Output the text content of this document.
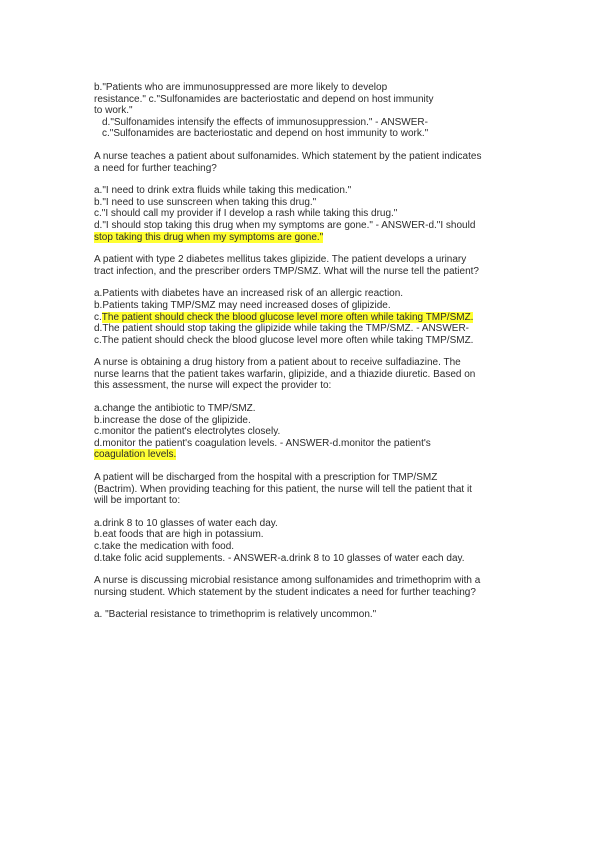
b."Patients who are immunosuppressed are more likely to develop
resistance." c."Sulfonamides are bacteriostatic and depend on host immunity
to work."
d."Sulfonamides intensify the effects of immunosuppression." - ANSWER-
c."Sulfonamides are bacteriostatic and depend on host immunity to work."
A nurse teaches a patient about sulfonamides. Which statement by the patient indicates
a need for further teaching?
a."I need to drink extra fluids while taking this medication."
b."I need to use sunscreen when taking this drug."
c."I should call my provider if I develop a rash while taking this drug."
d."I should stop taking this drug when my symptoms are gone." - ANSWER-d."I should
stop taking this drug when my symptoms are gone."
A patient with type 2 diabetes mellitus takes glipizide. The patient develops a urinary
tract infection, and the prescriber orders TMP/SMZ. What will the nurse tell the patient?
a.Patients with diabetes have an increased risk of an allergic reaction.
b.Patients taking TMP/SMZ may need increased doses of glipizide.
c.The patient should check the blood glucose level more often while taking TMP/SMZ.
d.The patient should stop taking the glipizide while taking the TMP/SMZ. - ANSWER-
c.The patient should check the blood glucose level more often while taking TMP/SMZ.
A nurse is obtaining a drug history from a patient about to receive sulfadiazine. The
nurse learns that the patient takes warfarin, glipizide, and a thiazide diuretic. Based on
this assessment, the nurse will expect the provider to:
a.change the antibiotic to TMP/SMZ.
b.increase the dose of the glipizide.
c.monitor the patient's electrolytes closely.
d.monitor the patient's coagulation levels. - ANSWER-d.monitor the patient's
coagulation levels.
A patient will be discharged from the hospital with a prescription for TMP/SMZ
(Bactrim). When providing teaching for this patient, the nurse will tell the patient that it
will be important to:
a.drink 8 to 10 glasses of water each day.
b.eat foods that are high in potassium.
c.take the medication with food.
d.take folic acid supplements. - ANSWER-a.drink 8 to 10 glasses of water each day.
A nurse is discussing microbial resistance among sulfonamides and trimethoprim with a
nursing student. Which statement by the student indicates a need for further teaching?
a. "Bacterial resistance to trimethoprim is relatively uncommon."
